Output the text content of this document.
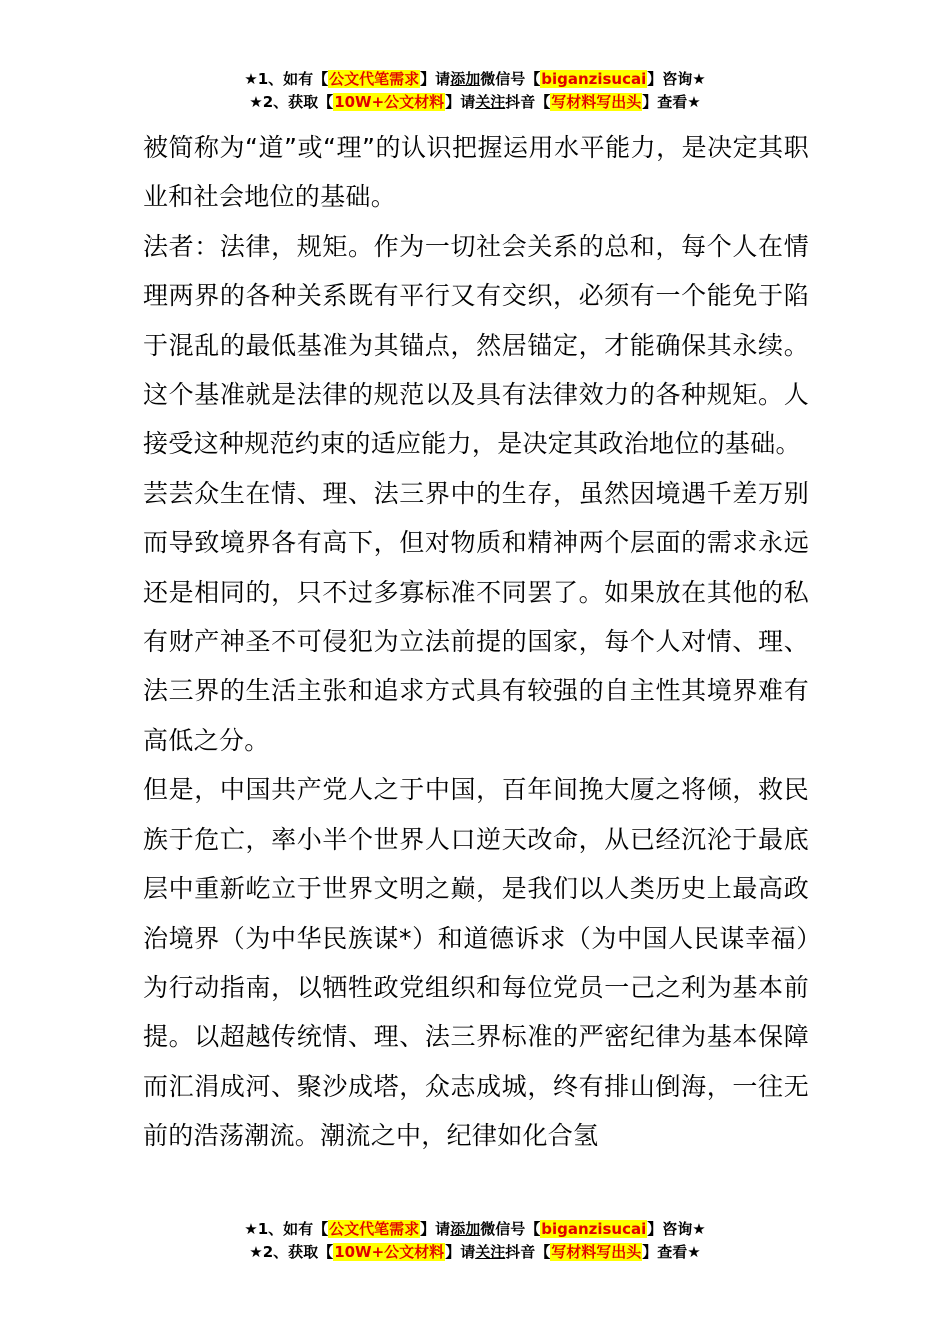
★1、如有【公文代笔需求】请添加微信号【biganzisucai】咨询★
★2、获取【10W+公文材料】请关注抖音【写材料写出头】查看★

被简称为“道”或“理”的认识把握运用水平能力，是决定其职业和社会地位的基础。

法者：法律，规矩。作为一切社会关系的总和，每个人在情理两界的各种关系既有平行又有交织，必须有一个能免于陷于混乱的最低基准为其锚点，然居锚定，才能确保其永续。这个基准就是法律的规范以及具有法律效力的各种规矩。人接受这种规范约束的适应能力，是决定其政治地位的基础。

芸芸众生在情、理、法三界中的生存，虽然因境遇千差万别而导致境界各有高下，但对物质和精神两个层面的需求永远还是相同的，只不过多寡标准不同罢了。如果放在其他的私有财产神圣不可侵犯为立法前提的国家，每个人对情、理、法三界的生活主张和追求方式具有较强的自主性其境界难有高低之分。

但是，中国共产党人之于中国，百年间挽大厦之将倾，救民族于危亡，率小半个世界人口逆天改命，从已经沉沦于最底层中重新屹立于世界文明之巅，是我们以人类历史上最高政治境界（为中华民族谋*）和道德诉求（为中国人民谋幸福）为行动指南，以牺牲政党组织和每位党员一己之利为基本前提。以超越传统情、理、法三界标准的严密纪律为基本保障而汇涓成河、聚沙成塔，众志成城，终有排山倒海，一往无前的浩荡潮流。潮流之中，纪律如化合氢

★1、如有【公文代笔需求】请添加微信号【biganzisucai】咨询★
★2、获取【10W+公文材料】请关注抖音【写材料写出头】查看★
